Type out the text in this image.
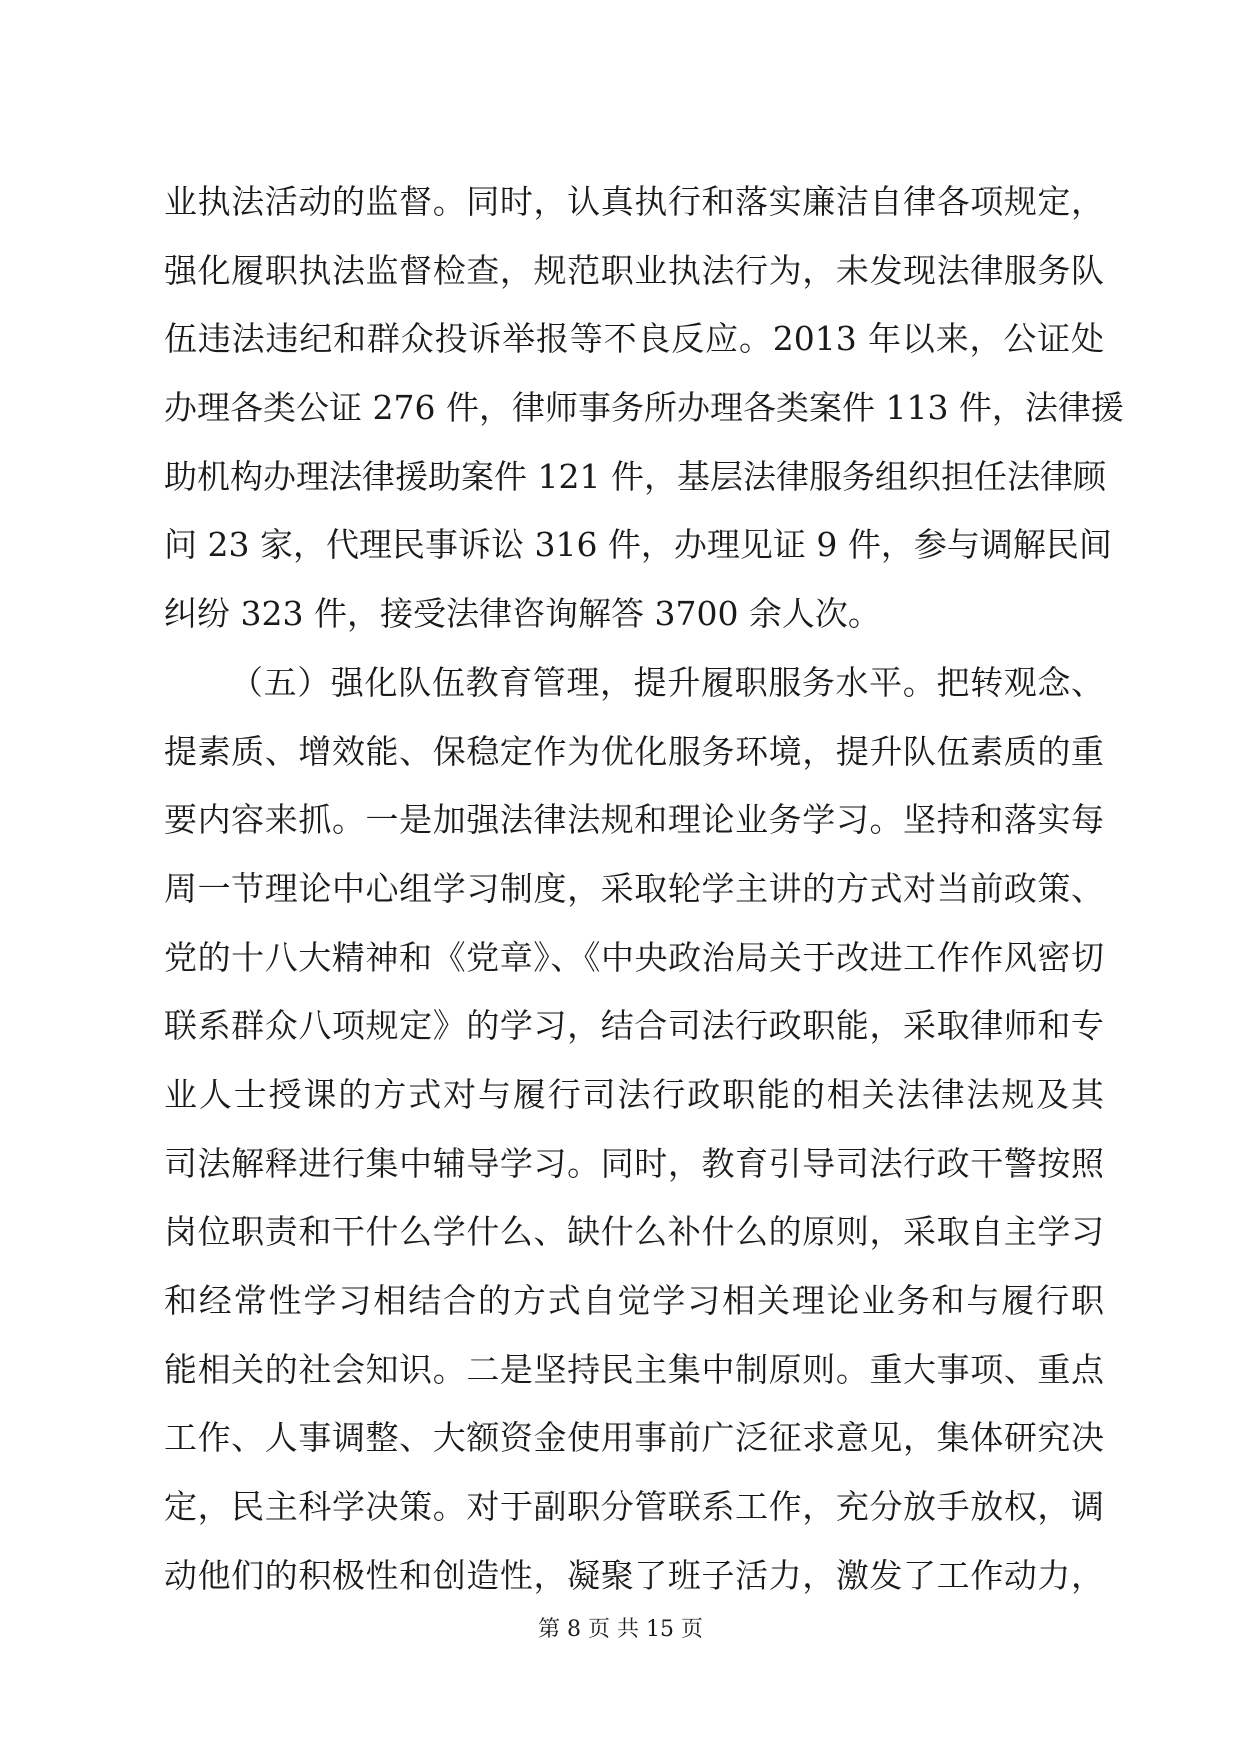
业执法活动的监督。同时，认真执行和落实廉洁自律各项规定，
强化履职执法监督检查，规范职业执法行为，未发现法律服务队
伍违法违纪和群众投诉举报等不良反应。2013 年以来，公证处
办理各类公证 276 件，律师事务所办理各类案件 113 件，法律援
助机构办理法律援助案件 121 件，基层法律服务组织担任法律顾
问 23 家，代理民事诉讼 316 件，办理见证 9 件，参与调解民间
纠纷 323 件，接受法律咨询解答 3700 余人次。
（五）强化队伍教育管理，提升履职服务水平。把转观念、
提素质、增效能、保稳定作为优化服务环境，提升队伍素质的重
要内容来抓。一是加强法律法规和理论业务学习。坚持和落实每
周一节理论中心组学习制度，采取轮学主讲的方式对当前政策、
党的十八大精神和《党章》、《中央政治局关于改进工作作风密切
联系群众八项规定》的学习，结合司法行政职能，采取律师和专
业人士授课的方式对与履行司法行政职能的相关法律法规及其
司法解释进行集中辅导学习。同时，教育引导司法行政干警按照
岗位职责和干什么学什么、缺什么补什么的原则，采取自主学习
和经常性学习相结合的方式自觉学习相关理论业务和与履行职
能相关的社会知识。二是坚持民主集中制原则。重大事项、重点
工作、人事调整、大额资金使用事前广泛征求意见，集体研究决
定，民主科学决策。对于副职分管联系工作，充分放手放权，调
动他们的积极性和创造性，凝聚了班子活力，激发了工作动力，
第 8 页 共 15 页
